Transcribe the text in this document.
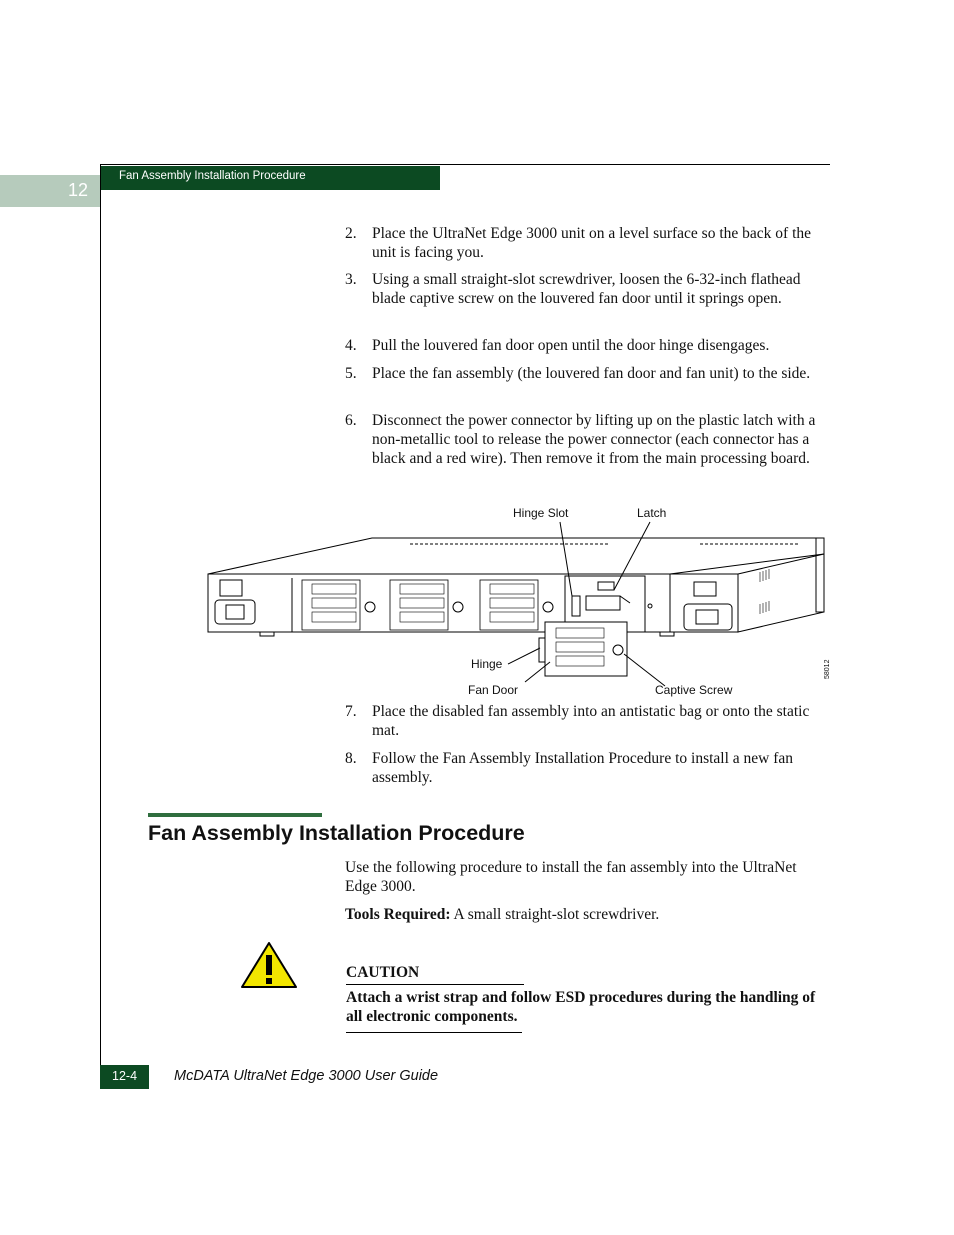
Fan Assembly Installation Procedure
12
2. Place the UltraNet Edge 3000 unit on a level surface so the back of the unit is facing you.
3. Using a small straight-slot screwdriver, loosen the 6-32-inch flathead blade captive screw on the louvered fan door until it springs open.
4. Pull the louvered fan door open until the door hinge disengages.
5. Place the fan assembly (the louvered fan door and fan unit) to the side.
6. Disconnect the power connector by lifting up on the plastic latch with a non-metallic tool to release the power connector (each connector has a black and a red wire). Then remove it from the main processing board.
Hinge Slot	Latch
Hinge
Fan Door	Captive Screw
58012
7. Place the disabled fan assembly into an antistatic bag or onto the static mat.
8. Follow the Fan Assembly Installation Procedure to install a new fan assembly.
Fan Assembly Installation Procedure
Use the following procedure to install the fan assembly into the UltraNet Edge 3000.
Tools Required: A small straight-slot screwdriver.
CAUTION
Attach a wrist strap and follow ESD procedures during the handling of all electronic components.
12-4	McDATA UltraNet Edge 3000 User Guide
